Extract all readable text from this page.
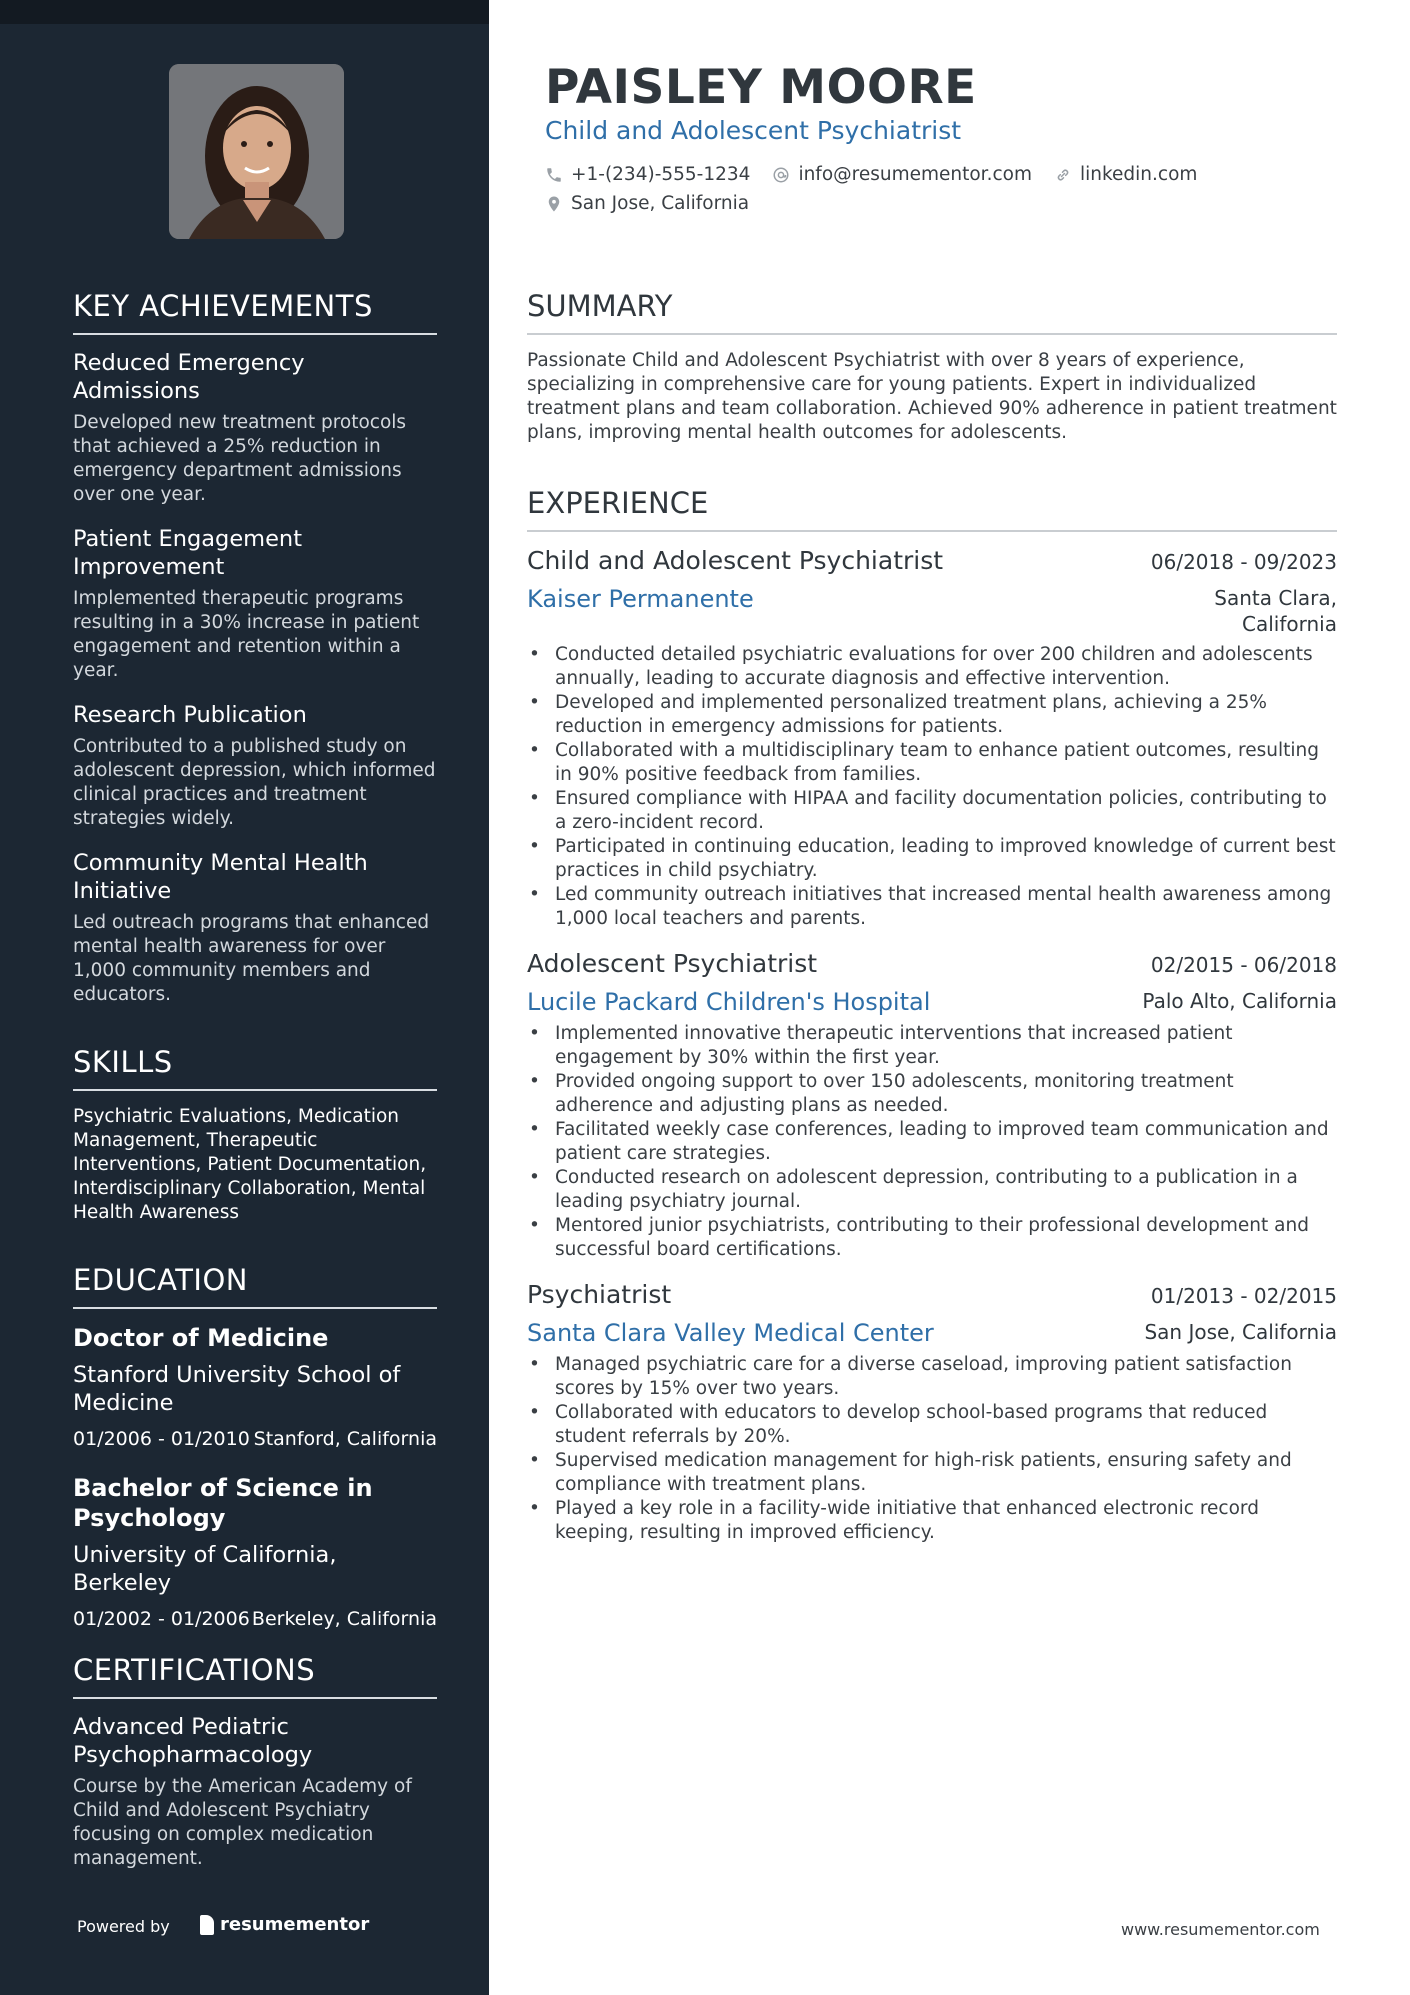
KEY ACHIEVEMENTS
Reduced Emergency Admissions
Developed new treatment protocols that achieved a 25% reduction in emergency department admissions over one year.
Patient Engagement Improvement
Implemented therapeutic programs resulting in a 30% increase in patient engagement and retention within a year.
Research Publication
Contributed to a published study on adolescent depression, which informed clinical practices and treatment strategies widely.
Community Mental Health Initiative
Led outreach programs that enhanced mental health awareness for over 1,000 community members and educators.
SKILLS
Psychiatric Evaluations, Medication Management, Therapeutic Interventions, Patient Documentation, Interdisciplinary Collaboration, Mental Health Awareness
EDUCATION
Doctor of Medicine
Stanford University School of Medicine
01/2006 - 01/2010 Stanford, California
Bachelor of Science in Psychology
University of California, Berkeley
01/2002 - 01/2006 Berkeley, California
CERTIFICATIONS
Advanced Pediatric Psychopharmacology
Course by the American Academy of Child and Adolescent Psychiatry focusing on complex medication management.
Powered by	resumementor
PAISLEY MOORE
Child and Adolescent Psychiatrist
+1-(234)-555-1234	info@resumementor.com	linkedin.com
San Jose, California
SUMMARY
Passionate Child and Adolescent Psychiatrist with over 8 years of experience, specializing in comprehensive care for young patients. Expert in individualized treatment plans and team collaboration. Achieved 90% adherence in patient treatment plans, improving mental health outcomes for adolescents.
EXPERIENCE
Child and Adolescent Psychiatrist	06/2018 - 09/2023
Kaiser Permanente	Santa Clara,
California
• Conducted detailed psychiatric evaluations for over 200 children and adolescents annually, leading to accurate diagnosis and effective intervention.
• Developed and implemented personalized treatment plans, achieving a 25% reduction in emergency admissions for patients.
• Collaborated with a multidisciplinary team to enhance patient outcomes, resulting in 90% positive feedback from families.
• Ensured compliance with HIPAA and facility documentation policies, contributing to a zero-incident record.
• Participated in continuing education, leading to improved knowledge of current best practices in child psychiatry.
• Led community outreach initiatives that increased mental health awareness among 1,000 local teachers and parents.
Adolescent Psychiatrist	02/2015 - 06/2018
Lucile Packard Children's Hospital	Palo Alto, California
• Implemented innovative therapeutic interventions that increased patient engagement by 30% within the first year.
• Provided ongoing support to over 150 adolescents, monitoring treatment adherence and adjusting plans as needed.
• Facilitated weekly case conferences, leading to improved team communication and patient care strategies.
• Conducted research on adolescent depression, contributing to a publication in a leading psychiatry journal.
• Mentored junior psychiatrists, contributing to their professional development and successful board certifications.
Psychiatrist	01/2013 - 02/2015
Santa Clara Valley Medical Center	San Jose, California
• Managed psychiatric care for a diverse caseload, improving patient satisfaction scores by 15% over two years.
• Collaborated with educators to develop school-based programs that reduced student referrals by 20%.
• Supervised medication management for high-risk patients, ensuring safety and compliance with treatment plans.
• Played a key role in a facility-wide initiative that enhanced electronic record keeping, resulting in improved efficiency.
www.resumementor.com
